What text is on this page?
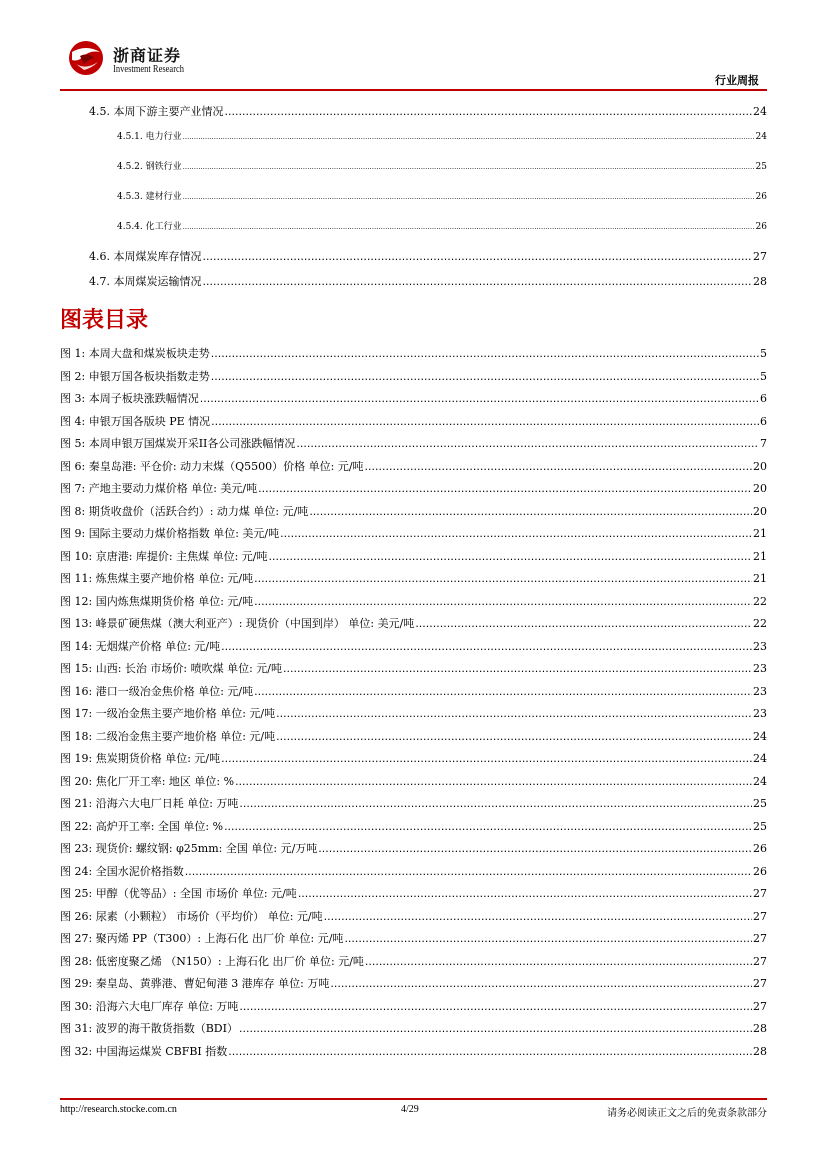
浙商证券
Investment Research
行业周报
4.5. 本周下游主要产业情况 .....	24
4.5.1. 电力行业 .....	24
4.5.2. 钢铁行业 .....	25
4.5.3. 建材行业 .....	26
4.5.4. 化工行业 .....	26
4.6. 本周煤炭库存情况 .....	27
4.7. 本周煤炭运输情况 .....	28
图表目录
图 1: 本周大盘和煤炭板块走势 .....	5
图 2: 申银万国各板块指数走势 .....	5
图 3: 本周子板块涨跌幅情况 .....	6
图 4: 申银万国各版块 PE 情况 .....	6
图 5: 本周申银万国煤炭开采II各公司涨跌幅情况 .....	7
图 6: 秦皇岛港: 平仓价: 动力末煤（Q5500）价格 单位: 元/吨 .....	20
图 7: 产地主要动力煤价格 单位: 美元/吨 .....	20
图 8: 期货收盘价（活跃合约）: 动力煤 单位: 元/吨 .....	20
图 9: 国际主要动力煤价格指数 单位: 美元/吨 .....	21
图 10: 京唐港: 库提价: 主焦煤 单位: 元/吨 .....	21
图 11: 炼焦煤主要产地价格 单位: 元/吨 .....	21
图 12: 国内炼焦煤期货价格 单位: 元/吨 .....	22
图 13: 峰景矿硬焦煤（澳大利亚产）: 现货价（中国到岸） 单位: 美元/吨 .....	22
图 14: 无烟煤产价格 单位: 元/吨 .....	23
图 15: 山西: 长治 市场价: 喷吹煤 单位: 元/吨 .....	23
图 16: 港口一级冶金焦价格 单位: 元/吨 .....	23
图 17: 一级冶金焦主要产地价格 单位: 元/吨 .....	23
图 18: 二级冶金焦主要产地价格 单位: 元/吨 .....	24
图 19: 焦炭期货价格 单位: 元/吨 .....	24
图 20: 焦化厂开工率: 地区 单位: % .....	24
图 21: 沿海六大电厂日耗 单位: 万吨 .....	25
图 22: 高炉开工率: 全国 单位: % .....	25
图 23: 现货价: 螺纹钢: φ25mm: 全国 单位: 元/万吨 .....	26
图 24: 全国水泥价格指数 .....	26
图 25: 甲醇（优等品）: 全国 市场价 单位: 元/吨 .....	27
图 26: 尿素（小颗粒） 市场价（平均价） 单位: 元/吨 .....	27
图 27: 聚丙烯 PP（T300）: 上海石化 出厂价 单位: 元/吨 .....	27
图 28: 低密度聚乙烯 （N150）: 上海石化 出厂价 单位: 元/吨 .....	27
图 29: 秦皇岛、黄骅港、曹妃甸港 3 港库存 单位: 万吨 .....	27
图 30: 沿海六大电厂库存 单位: 万吨 .....	27
图 31: 波罗的海干散货指数（BDI） .....	28
图 32: 中国海运煤炭 CBFBI 指数 .....	28
http://research.stocke.com.cn	4/29	请务必阅读正文之后的免责条款部分
